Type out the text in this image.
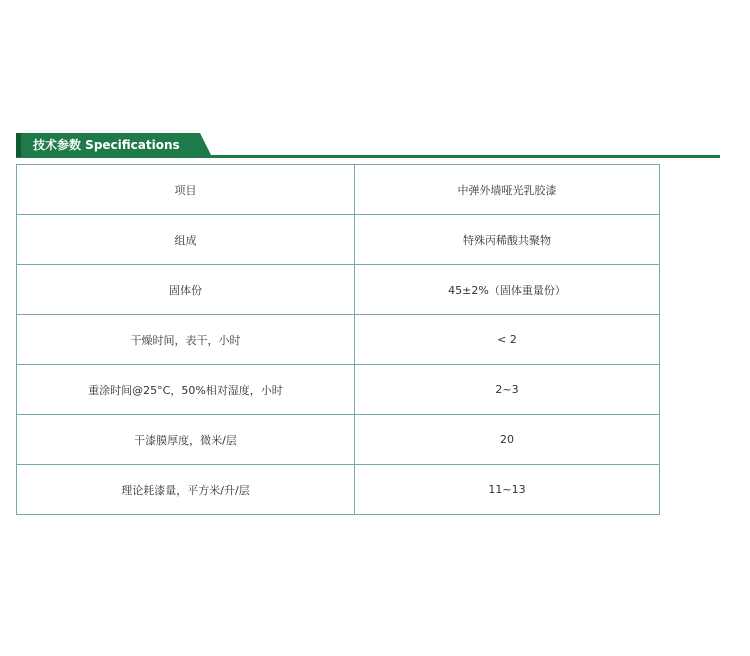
技术参数 Specifications
项目	中弹外墙哑光乳胶漆
组成	特殊丙稀酸共聚物
固体份	45±2%（固体重量份）
干燥时间，表干，小时	< 2
重涂时间@25°C，50%相对湿度，小时	2~3
干漆膜厚度，微米/层	20
理论耗漆量，平方米/升/层	11~13
